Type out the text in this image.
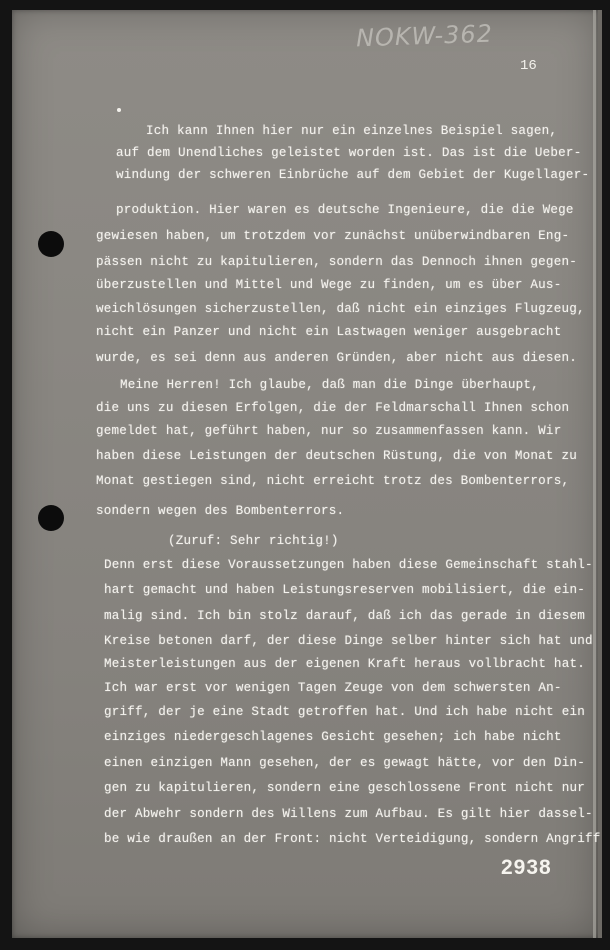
NOKW-362
16
Ich kann Ihnen hier nur ein einzelnes Beispiel sagen,
auf dem Unendliches geleistet worden ist. Das ist die Ueber-
windung der schweren Einbrüche auf dem Gebiet der Kugellager-
produktion. Hier waren es deutsche Ingenieure, die die Wege
gewiesen haben, um trotzdem vor zunächst unüberwindbaren Eng-
pässen nicht zu kapitulieren, sondern das Dennoch ihnen gegen-
überzustellen und Mittel und Wege zu finden, um es über Aus-
weichlösungen sicherzustellen, daß nicht ein einziges Flugzeug,
nicht ein Panzer und nicht ein Lastwagen weniger ausgebracht
wurde, es sei denn aus anderen Gründen, aber nicht aus diesen.
Meine Herren! Ich glaube, daß man die Dinge überhaupt,
die uns zu diesen Erfolgen, die der Feldmarschall Ihnen schon
gemeldet hat, geführt haben, nur so zusammenfassen kann. Wir
haben diese Leistungen der deutschen Rüstung, die von Monat zu
Monat gestiegen sind, nicht erreicht trotz des Bombenterrors,
sondern wegen des Bombenterrors.
(Zuruf: Sehr richtig!)
Denn erst diese Voraussetzungen haben diese Gemeinschaft stahl-
hart gemacht und haben Leistungsreserven mobilisiert, die ein-
malig sind. Ich bin stolz darauf, daß ich das gerade in diesem
Kreise betonen darf, der diese Dinge selber hinter sich hat und
Meisterleistungen aus der eigenen Kraft heraus vollbracht hat.
Ich war erst vor wenigen Tagen Zeuge von dem schwersten An-
griff, der je eine Stadt getroffen hat. Und ich habe nicht ein
einziges niedergeschlagenes Gesicht gesehen; ich habe nicht
einen einzigen Mann gesehen, der es gewagt hätte, vor den Din-
gen zu kapitulieren, sondern eine geschlossene Front nicht nur
der Abwehr sondern des Willens zum Aufbau. Es gilt hier dassel-
be wie draußen an der Front: nicht Verteidigung, sondern Angriff
2938
